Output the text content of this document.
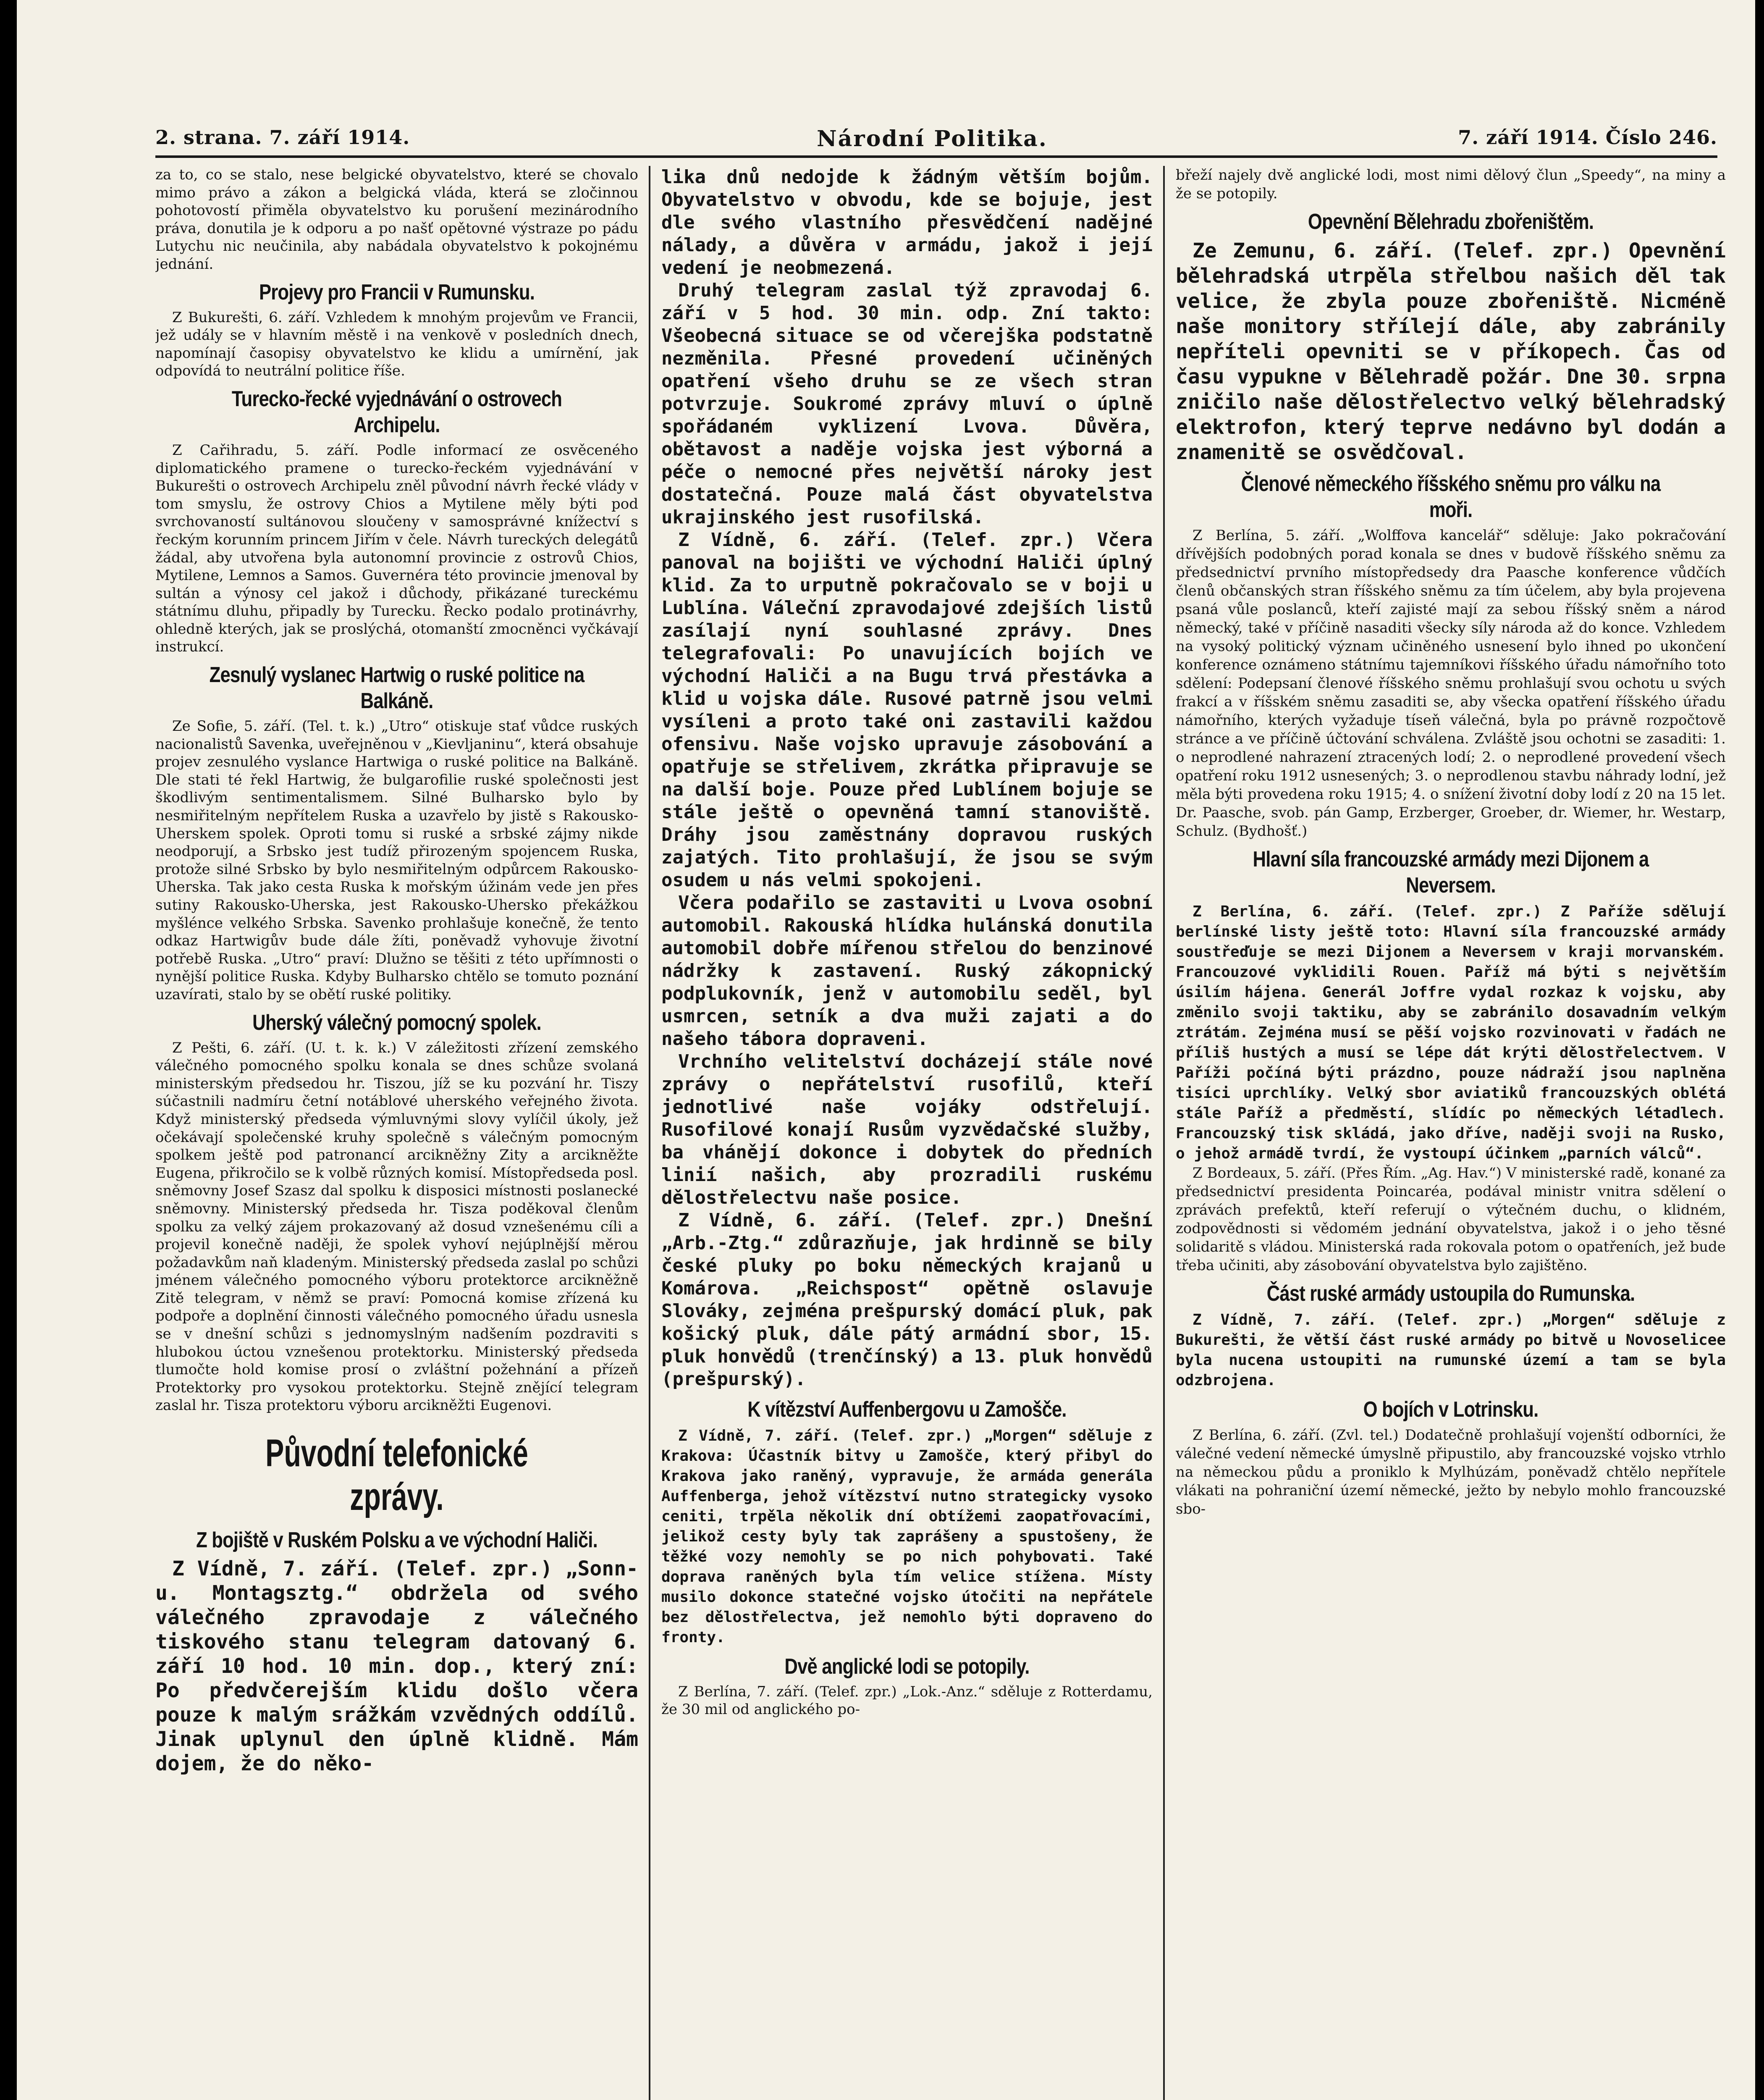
2. strana. 7. září 1914.	Národní Politika.	7. září 1914. Číslo 246.

za to, co se stalo, nese belgické obyvatelstvo, které se chovalo mimo právo a zákon a belgická vláda, která se zločinnou pohotovostí přiměla obyvatelstvo ku porušení mezinárodního práva, donutila je k odporu a po našť opětovné výstraze po pádu Lutychu nic neučinila, aby nabádala obyvatelstvo k pokojnému jednání.

Projevy pro Francii v Rumunsku.

Z Bukurešti, 6. září. Vzhledem k mnohým projevům ve Francii, jež udály se v hlavním městě i na venkově v posledních dnech, napomínají časopisy obyvatelstvo ke klidu a umírnění, jak odpovídá to neutrální politice říše.

Turecko-řecké vyjednávání o ostrovech Archipelu.

Z Cařihradu, 5. září. Podle informací ze osvěceného diplomatického pramene o turecko-řeckém vyjednávání v Bukurešti o ostrovech Archipelu zněl původní návrh řecké vlády v tom smyslu, že ostrovy Chios a Mytilene měly býti pod svrchovaností sultánovou sloučeny v samosprávné knížectví s řeckým korunním princem Jiřím v čele. Návrh tureckých delegátů žádal, aby utvořena byla autonomní provincie z ostrovů Chios, Mytilene, Lemnos a Samos. Guvernéra této provincie jmenoval by sultán a výnosy cel jakož i důchody, přikázané tureckému státnímu dluhu, připadly by Turecku. Řecko podalo protinávrhy, ohledně kterých, jak se proslýchá, otomanští zmocněnci vyčkávají instrukcí.

Zesnulý vyslanec Hartwig o ruské politice na Balkáně.

Ze Sofie, 5. září. (Tel. t. k.) „Utro“ otiskuje stať vůdce ruských nacionalistů Savenka, uveřejněnou v „Kievljaninu“, která obsahuje projev zesnulého vyslance Hartwiga o ruské politice na Balkáně. Dle stati té řekl Hartwig, že bulgarofilie ruské společnosti jest škodlivým sentimentalismem. Silné Bulharsko bylo by nesmiřitelným nepřítelem Ruska a uzavřelo by jistě s Rakousko-Uherskem spolek. Oproti tomu si ruské a srbské zájmy nikde neodporují, a Srbsko jest tudíž přirozeným spojencem Ruska, protože silné Srbsko by bylo nesmiřitelným odpůrcem Rakousko-Uherska. Tak jako cesta Ruska k mořským úžinám vede jen přes sutiny Rakousko-Uherska, jest Rakousko-Uhersko překážkou myšlénce velkého Srbska. Savenko prohlašuje konečně, že tento odkaz Hartwigův bude dále žíti, poněvadž vyhovuje životní potřebě Ruska. „Utro“ praví: Dlužno se těšiti z této upřímnosti o nynější politice Ruska. Kdyby Bulharsko chtělo se tomuto poznání uzavírati, stalo by se obětí ruské politiky.

Uherský válečný pomocný spolek.

Z Pešti, 6. září. (U. t. k. k.) V záležitosti zřízení zemského válečného pomocného spolku konala se dnes schůze svolaná ministerským předsedou hr. Tiszou, jíž se ku pozvání hr. Tiszy súčastnili nadmíru četní notáblové uherského veřejného života. Když ministerský předseda výmluvnými slovy vylíčil úkoly, jež očekávají společenské kruhy společně s válečným pomocným spolkem ještě pod patronancí arcikněžny Zity a arcikněžte Eugena, přikročilo se k volbě různých komisí. Místopředseda posl. sněmovny Josef Szasz dal spolku k disposici místnosti poslanecké sněmovny. Ministerský předseda hr. Tisza poděkoval členům spolku za velký zájem prokazovaný až dosud vznešenému cíli a projevil konečně naději, že spolek vyhoví nejúplnější měrou požadavkům naň kladeným. Ministerský předseda zaslal po schůzi jménem válečného pomocného výboru protektorce arcikněžně Zitě telegram, v němž se praví: Pomocná komise zřízená ku podpoře a doplnění činnosti válečného pomocného úřadu usnesla se v dnešní schůzi s jednomyslným nadšením pozdraviti s hlubokou úctou vznešenou protektorku. Ministerský předseda tlumočte hold komise prosí o zvláštní požehnání a přízeň Protektorky pro vysokou protektorku. Stejně znějící telegram zaslal hr. Tisza protektoru výboru arcikněžti Eugenovi.

Původní telefonické zprávy.
Z bojiště v Ruském Polsku a ve východní Haliči.

Z Vídně, 7. září. (Telef. zpr.) „Sonn- u. Montagsztg.“ obdržela od svého válečného zpravodaje z válečného tiskového stanu telegram datovaný 6. září 10 hod. 10 min. dop., který zní: Po předvčerejším klidu došlo včera pouze k malým srážkám vzvědných oddílů. Jinak uplynul den úplně klidně. Mám dojem, že do něko-

lika dnů nedojde k žádným větším bojům. Obyvatelstvo v obvodu, kde se bojuje, jest dle svého vlastního přesvědčení nadějné nálady, a důvěra v armádu, jakož i její vedení je neobmezená.

Druhý telegram zaslal týž zpravodaj 6. září v 5 hod. 30 min. odp. Zní takto: Všeobecná situace se od včerejška podstatně nezměnila. Přesné provedení učiněných opatření všeho druhu se ze všech stran potvrzuje. Soukromé zprávy mluví o úplně spořádaném vyklizení Lvova. Důvěra, obětavost a naděje vojska jest výborná a péče o nemocné přes největší nároky jest dostatečná. Pouze malá část obyvatelstva ukrajinského jest rusofilská.

Z Vídně, 6. září. (Telef. zpr.) Včera panoval na bojišti ve východní Haliči úplný klid. Za to urputně pokračovalo se v boji u Lublína. Váleční zpravodajové zdejších listů zasílají nyní souhlasné zprávy. Dnes telegrafovali: Po unavujících bojích ve východní Haliči a na Bugu trvá přestávka a klid u vojska dále. Rusové patrně jsou velmi vysíleni a proto také oni zastavili každou ofensivu. Naše vojsko upravuje zásobování a opatřuje se střelivem, zkrátka připravuje se na další boje. Pouze před Lublínem bojuje se stále ještě o opevněná tamní stanoviště. Dráhy jsou zaměstnány dopravou ruských zajatých. Tito prohlašují, že jsou se svým osudem u nás velmi spokojeni.

Včera podařilo se zastaviti u Lvova osobní automobil. Rakouská hlídka hulánská donutila automobil dobře mířenou střelou do benzinové nádržky k zastavení. Ruský zákopnický podplukovník, jenž v automobilu seděl, byl usmrcen, setník a dva muži zajati a do našeho tábora dopraveni.

Vrchního velitelství docházejí stále nové zprávy o nepřátelství rusofilů, kteří jednotlivé naše vojáky odstřelují. Rusofilové konají Rusům vyzvědačské služby, ba vhánějí dokonce i dobytek do předních linií našich, aby prozradili ruskému dělostřelectvu naše posice.

Z Vídně, 6. září. (Telef. zpr.) Dnešní „Arb.-Ztg.“ zdůrazňuje, jak hrdinně se bily české pluky po boku německých krajanů u Komárova. „Reichspost“ opětně oslavuje Slováky, zejména prešpurský domácí pluk, pak košický pluk, dále pátý armádní sbor, 15. pluk honvědů (trenčínský) a 13. pluk honvědů (prešpurský).

K vítězství Auffenbergovu u Zamošče.

Z Vídně, 7. září. (Telef. zpr.) „Morgen“ sděluje z Krakova: Účastník bitvy u Zamošče, který přibyl do Krakova jako raněný, vypravuje, že armáda generála Auffenberga, jehož vítězství nutno strategicky vysoko ceniti, trpěla několik dní obtížemi zaopatřovacími, jelikož cesty byly tak zaprášeny a spustošeny, že těžké vozy nemohly se po nich pohybovati. Také doprava raněných byla tím velice stížena. Místy musilo dokonce statečné vojsko útočiti na nepřátele bez dělostřelectva, jež nemohlo býti dopraveno do fronty.

Dvě anglické lodi se potopily.

Z Berlína, 7. září. (Telef. zpr.) „Lok.-Anz.“ sděluje z Rotterdamu, že 30 mil od anglického po-

břeží najely dvě anglické lodi, most nimi dělový člun „Speedy“, na miny a že se potopily.

Opevnění Bělehradu zbořeništěm.

Ze Zemunu, 6. září. (Telef. zpr.) Opevnění bělehradská utrpěla střelbou našich děl tak velice, že zbyla pouze zbořeniště. Nicméně naše monitory střílejí dále, aby zabránily nepříteli opevniti se v příkopech. Čas od času vypukne v Bělehradě požár. Dne 30. srpna zničilo naše dělostřelectvo velký bělehradský elektrofon, který teprve nedávno byl dodán a znamenitě se osvědčoval.

Členové německého říšského sněmu pro válku na moři.

Z Berlína, 5. září. „Wolffova kancelář“ sděluje: Jako pokračování dřívějších podobných porad konala se dnes v budově říšského sněmu za předsednictví prvního místopředsedy dra Paasche konference vůdčích členů občanských stran říšského sněmu za tím účelem, aby byla projevena psaná vůle poslanců, kteří zajisté mají za sebou říšský sněm a národ německý, také v příčině nasaditi všecky síly národa až do konce. Vzhledem na vysoký politický význam učiněného usnesení bylo ihned po ukončení konference oznámeno státnímu tajemníkovi říšského úřadu námořního toto sdělení: Podepsaní členové říšského sněmu prohlašují svou ochotu u svých frakcí a v říšském sněmu zasaditi se, aby všecka opatření říšského úřadu námořního, kterých vyžaduje tíseň válečná, byla po právně rozpočtově stránce a ve příčině účtování schválena. Zvláště jsou ochotni se zasaditi: 1. o neprodlené nahrazení ztracených lodí; 2. o neprodlené provedení všech opatření roku 1912 usnesených; 3. o neprodlenou stavbu náhrady lodní, jež měla býti provedena roku 1915; 4. o snížení životní doby lodí z 20 na 15 let. Dr. Paasche, svob. pán Gamp, Erzberger, Groeber, dr. Wiemer, hr. Westarp, Schulz. (Bydhošť.)

Hlavní síla francouzské armády mezi Dijonem a Neversem.

Z Berlína, 6. září. (Telef. zpr.) Z Paříže sdělují berlínské listy ještě toto: Hlavní síla francouzské armády soustřeďuje se mezi Dijonem a Neversem v kraji morvanském. Francouzové vyklidili Rouen. Paříž má býti s největším úsilím hájena. Generál Joffre vydal rozkaz k vojsku, aby změnilo svoji taktiku, aby se zabránilo dosavadním velkým ztrátám. Zejména musí se pěší vojsko rozvinovati v řadách ne příliš hustých a musí se lépe dát krýti dělostřelectvem. V Paříži počíná býti prázdno, pouze nádraží jsou naplněna tisíci uprchlíky. Velký sbor aviatiků francouzských oblétá stále Paříž a předměstí, slídíc po německých létadlech. Francouzský tisk skládá, jako dříve, naději svoji na Rusko, o jehož armádě tvrdí, že vystoupí účinkem „parních válců“.

Z Bordeaux, 5. září. (Přes Řím. „Ag. Hav.“) V ministerské radě, konané za předsednictví presidenta Poincaréa, podával ministr vnitra sdělení o zprávách prefektů, kteří referují o výtečném duchu, o klidném, zodpovědnosti si vědomém jednání obyvatelstva, jakož i o jeho těsné solidaritě s vládou. Ministerská rada rokovala potom o opatřeních, jež bude třeba učiniti, aby zásobování obyvatelstva bylo zajištěno.

Část ruské armády ustoupila do Rumunska.

Z Vídně, 7. září. (Telef. zpr.) „Morgen“ sděluje z Bukurešti, že větší část ruské armády po bitvě u Novoselicee byla nucena ustoupiti na rumunské území a tam se byla odzbrojena.

O bojích v Lotrinsku.

Z Berlína, 6. září. (Zvl. tel.) Dodatečně prohlašují vojenští odborníci, že válečné vedení německé úmyslně připustilo, aby francouzské vojsko vtrhlo na německou půdu a proniklo k Mylhúzám, poněvadž chtělo nepřítele vlákati na pohraniční území německé, ježto by nebylo mohlo francouzské sbo-
